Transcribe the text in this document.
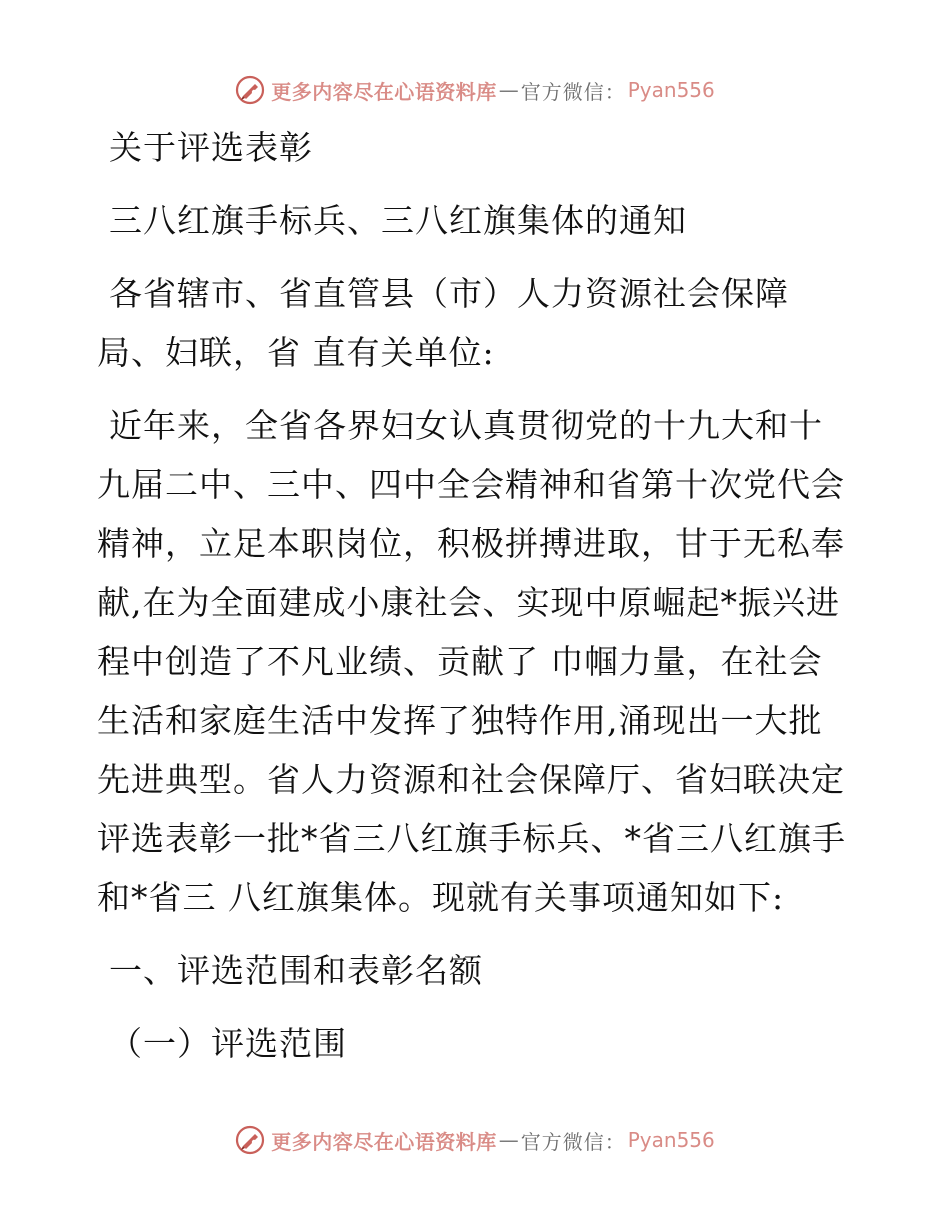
更多内容尽在心语资料库 — 官方微信： Pyan556
关于评选表彰
三八红旗手标兵、三八红旗集体的通知
各省辖市、省直管县（市）人力资源社会保障
局、妇联，省 直有关单位:
近年来，全省各界妇女认真贯彻党的十九大和十
九届二中、三中、四中全会精神和省第十次党代会
精神，立足本职岗位，积极拼搏进取，甘于无私奉
献,在为全面建成小康社会、实现中原崛起*振兴进
程中创造了不凡业绩、贡献了 巾帼力量，在社会
生活和家庭生活中发挥了独特作用,涌现出一大批
先进典型。省人力资源和社会保障厅、省妇联决定
评选表彰一批*省三八红旗手标兵、*省三八红旗手
和*省三 八红旗集体。现就有关事项通知如下:
一、评选范围和表彰名额
（一）评选范围
更多内容尽在心语资料库 — 官方微信： Pyan556
